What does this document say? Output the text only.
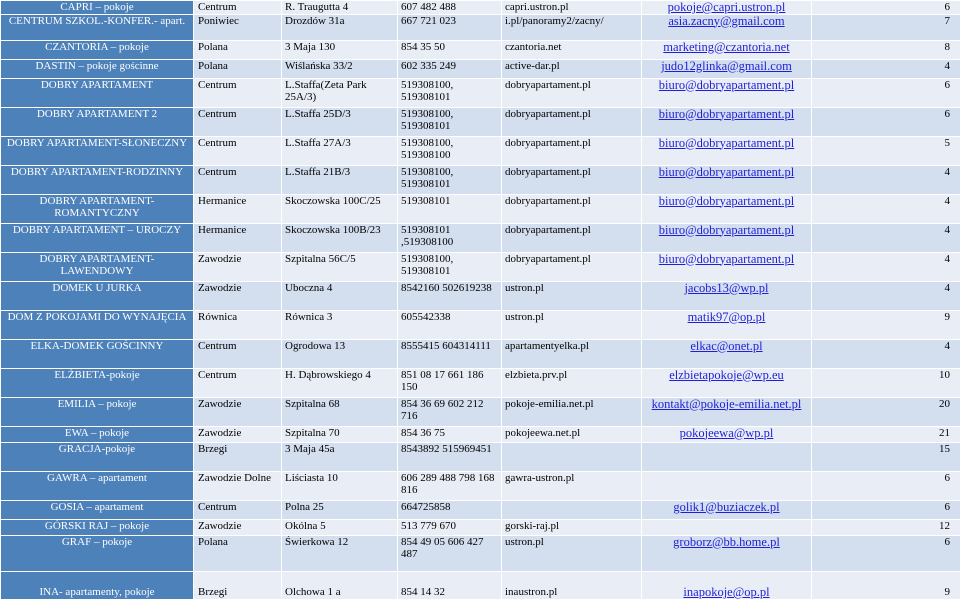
CAPRI – pokoje	Centrum	R. Traugutta 4	607 482 488	capri.ustron.pl	pokoje@capri.ustron.pl	6
CENTRUM SZKOL.-KONFER.- apart.	Poniwiec	Drozdów 31a	667 721 023	i.pl/panoramy2/zacny/	asia.zacny@gmail.com	7
CZANTORIA – pokoje	Polana	3 Maja 130	854 35 50	czantoria.net	marketing@czantoria.net	8
DASTIN – pokoje gościnne	Polana	Wiślańska 33/2	602 335 249	active-dar.pl	judo12glinka@gmail.com	4
DOBRY APARTAMENT	Centrum	L.Staffa(Zeta Park 25A/3)	519308100, 519308101	dobryapartament.pl	biuro@dobryapartament.pl	6
DOBRY APARTAMENT 2	Centrum	L.Staffa 25D/3	519308100, 519308101	dobryapartament.pl	biuro@dobryapartament.pl	6
DOBRY APARTAMENT-SŁONECZNY	Centrum	L.Staffa 27A/3	519308100, 519308100	dobryapartament.pl	biuro@dobryapartament.pl	5
DOBRY APARTAMENT-RODZINNY	Centrum	L.Staffa 21B/3	519308100, 519308101	dobryapartament.pl	biuro@dobryapartament.pl	4
DOBRY APARTAMENT-ROMANTYCZNY	Hermanice	Skoczowska 100C/25	519308101	dobryapartament.pl	biuro@dobryapartament.pl	4
DOBRY APARTAMENT – UROCZY	Hermanice	Skoczowska 100B/23	519308101 ,519308100	dobryapartament.pl	biuro@dobryapartament.pl	4
DOBRY APARTAMENT-LAWENDOWY	Zawodzie	Szpitalna 56C/5	519308100, 519308101	dobryapartament.pl	biuro@dobryapartament.pl	4
DOMEK U JURKA	Zawodzie	Uboczna 4	8542160 502619238	ustron.pl	jacobs13@wp.pl	4
DOM Z POKOJAMI DO WYNAJĘCIA	Równica	Równica 3	605542338	ustron.pl	matik97@op.pl	9
ELKA-DOMEK GOŚCINNY	Centrum	Ogrodowa 13	8555415 604314111	apartamentyelka.pl	elkac@onet.pl	4
ELŻBIETA-pokoje	Centrum	H. Dąbrowskiego 4	851 08 17 661 186 150	elzbieta.prv.pl	elzbietapokoje@wp.eu	10
EMILIA – pokoje	Zawodzie	Szpitalna 68	854 36 69 602 212 716	pokoje-emilia.net.pl	kontakt@pokoje-emilia.net.pl	20
EWA – pokoje	Zawodzie	Szpitalna 70	854 36 75	pokojeewa.net.pl	pokojeewa@wp.pl	21
GRACJA-pokoje	Brzegi	3 Maja 45a	8543892 515969451			15
GAWRA – apartament	Zawodzie Dolne	Liściasta 10	606 289 488 798 168 816	gawra-ustron.pl		6
GOSIA – apartament	Centrum	Polna 25	664725858		golik1@buziaczek.pl	6
GÓRSKI RAJ – pokoje	Zawodzie	Okólna 5	513 779 670	gorski-raj.pl		12
GRAF – pokoje	Polana	Świerkowa 12	854 49 05 606 427 487	ustron.pl	groborz@bb.home.pl	6
INA- apartamenty, pokoje	Brzegi	Olchowa 1 a	854 14 32	inaustron.pl	inapokoje@op.pl	9
